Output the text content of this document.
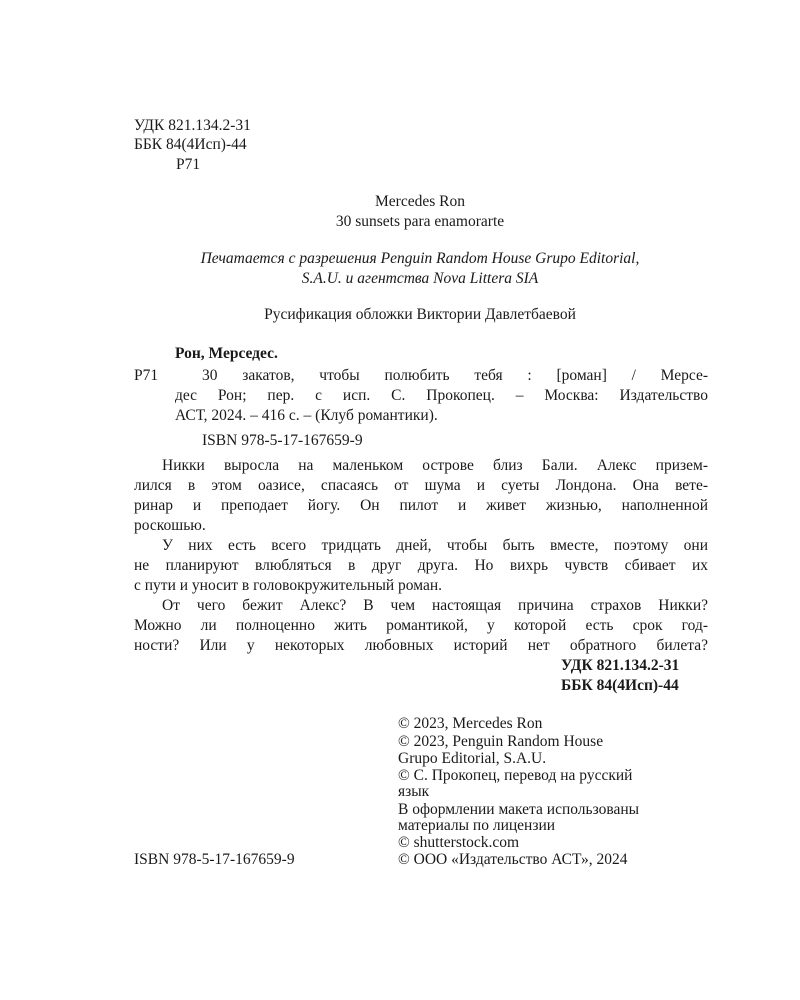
УДК 821.134.2-31
ББК 84(4Исп)-44
Р71
Mercedes Ron
30 sunsets para enamorarte
Печатается с разрешения Penguin Random House Grupo Editorial,
S.A.U. и агентства Nova Littera SIA
Русификация обложки Виктории Давлетбаевой
Рон, Мерседес.
Р71	30 закатов, чтобы полюбить тебя : [роман] / Мерсе-
дес Рон; пер. с исп. С. Прокопец. – Москва: Издательство
АСТ, 2024. – 416 с. – (Клуб романтики).
ISBN 978-5-17-167659-9
Никки выросла на маленьком острове близ Бали. Алекс призем-
лился в этом оазисе, спасаясь от шума и суеты Лондона. Она вете-
ринар и преподает йогу. Он пилот и живет жизнью, наполненной
роскошью.
У них есть всего тридцать дней, чтобы быть вместе, поэтому они
не планируют влюбляться в друг друга. Но вихрь чувств сбивает их
с пути и уносит в головокружительный роман.
От чего бежит Алекс? В чем настоящая причина страхов Никки?
Можно ли полноценно жить романтикой, у которой есть срок год-
ности? Или у некоторых любовных историй нет обратного билета?
УДК 821.134.2-31
ББК 84(4Исп)-44
© 2023, Mercedes Ron
© 2023, Penguin Random House
Grupo Editorial, S.A.U.
© С. Прокопец, перевод на русский
язык
В оформлении макета использованы
материалы по лицензии
© shutterstock.com
© ООО «Издательство АСТ», 2024
ISBN 978-5-17-167659-9
